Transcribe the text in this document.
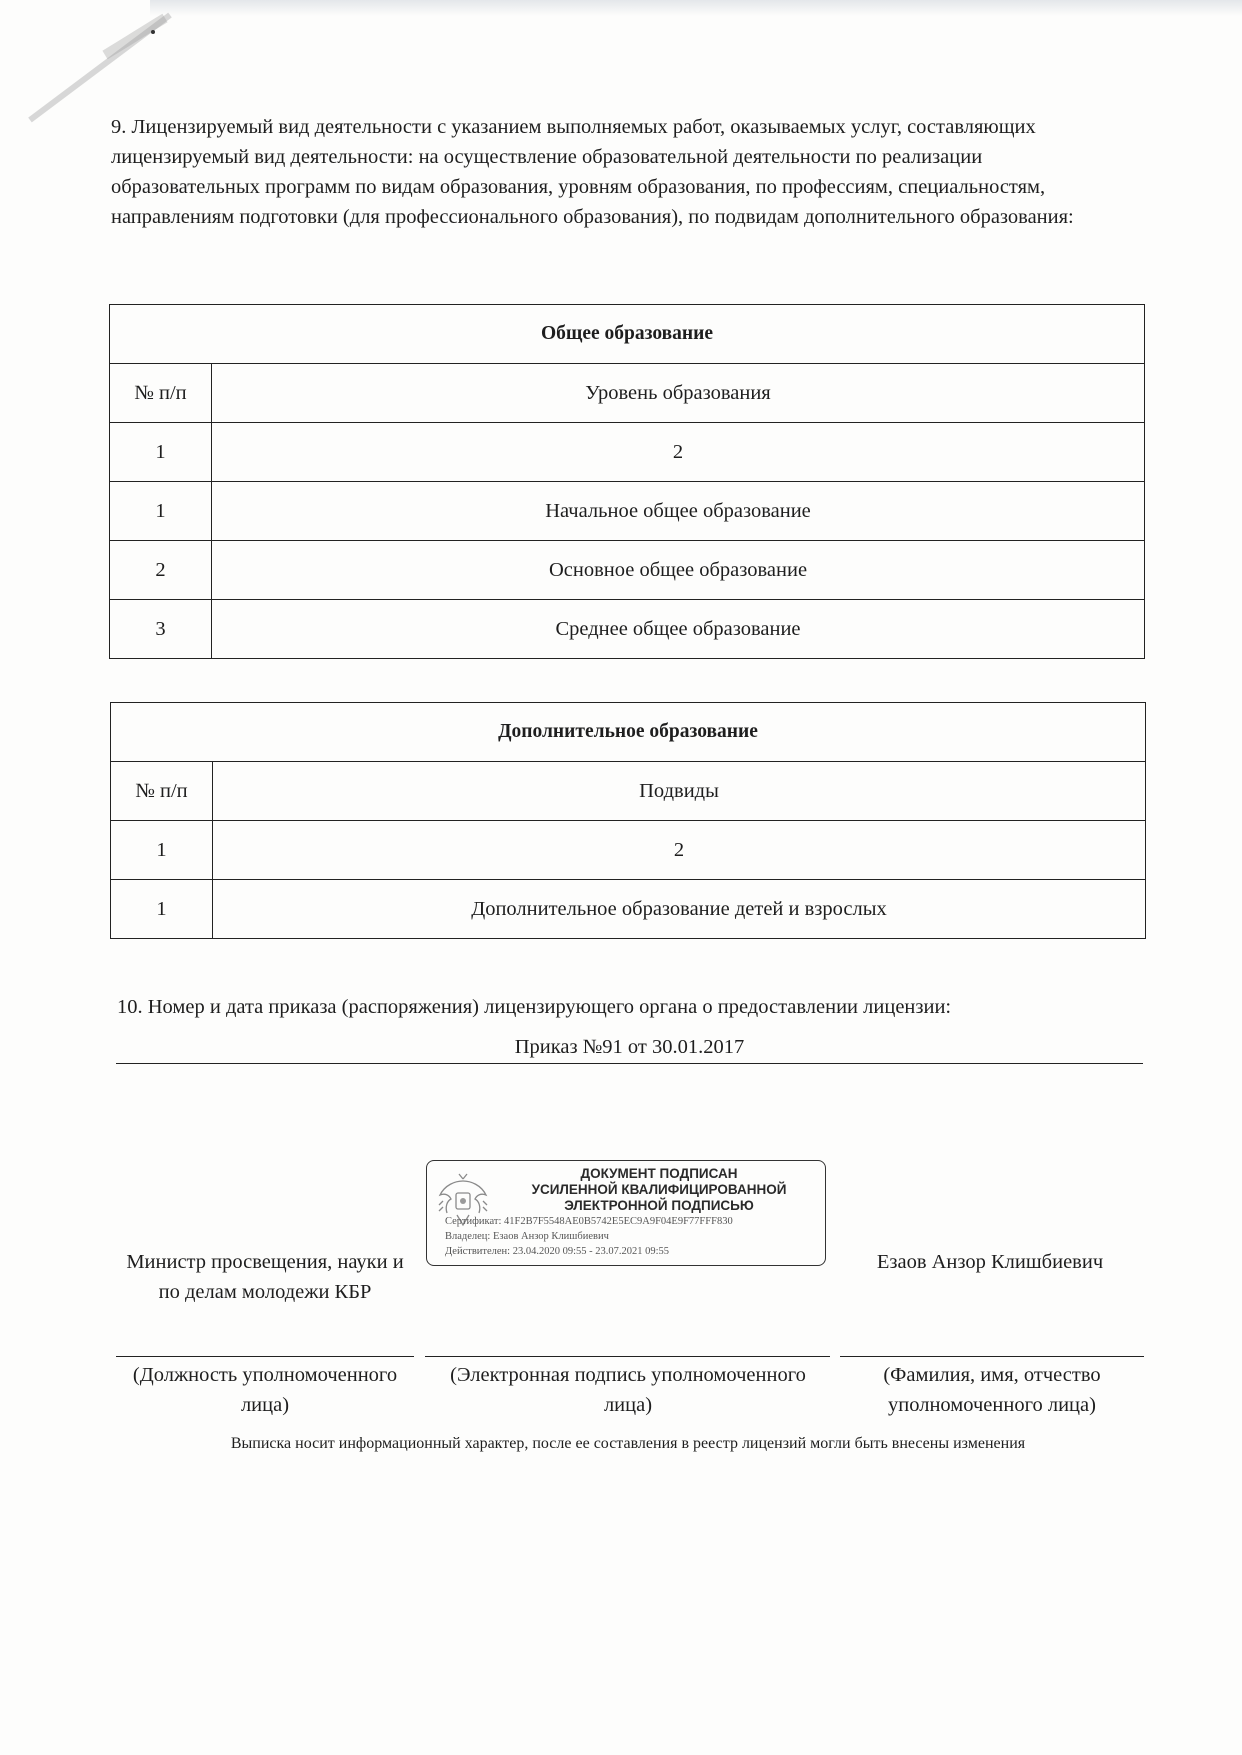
9. Лицензируемый вид деятельности с указанием выполняемых работ, оказываемых услуг, составляющих лицензируемый вид деятельности: на осуществление образовательной деятельности по реализации образовательных программ по видам образования, уровням образования, по профессиям, специальностям, направлениям подготовки (для профессионального образования), по подвидам дополнительного образования:
Общее образование	
№ п/п	Уровень образования
1	2
1	Начальное общее образование
2	Основное общее образование
3	Среднее общее образование
Дополнительное образование	
№ п/п	Подвиды
1	2
1	Дополнительное образование детей и взрослых
10. Номер и дата приказа (распоряжения) лицензирующего органа о предоставлении лицензии:
Приказ №91 от 30.01.2017
ДОКУМЕНТ ПОДПИСАН
УСИЛЕННОЙ КВАЛИФИЦИРОВАННОЙ
ЭЛЕКТРОННОЙ ПОДПИСЬЮ
Сертификат: 41F2B7F5548AE0B5742E5EC9A9F04E9F77FFF830
Владелец: Езаов Анзор Клишбиевич
Действителен: 23.04.2020 09:55 - 23.07.2021 09:55
Министр просвещения, науки и по делам молодежи КБР
Езаов Анзор Клишбиевич
(Должность уполномоченного лица)
(Электронная подпись уполномоченного лица)
(Фамилия, имя, отчество уполномоченного лица)
Выписка носит информационный характер, после ее составления в реестр лицензий могли быть внесены изменения
